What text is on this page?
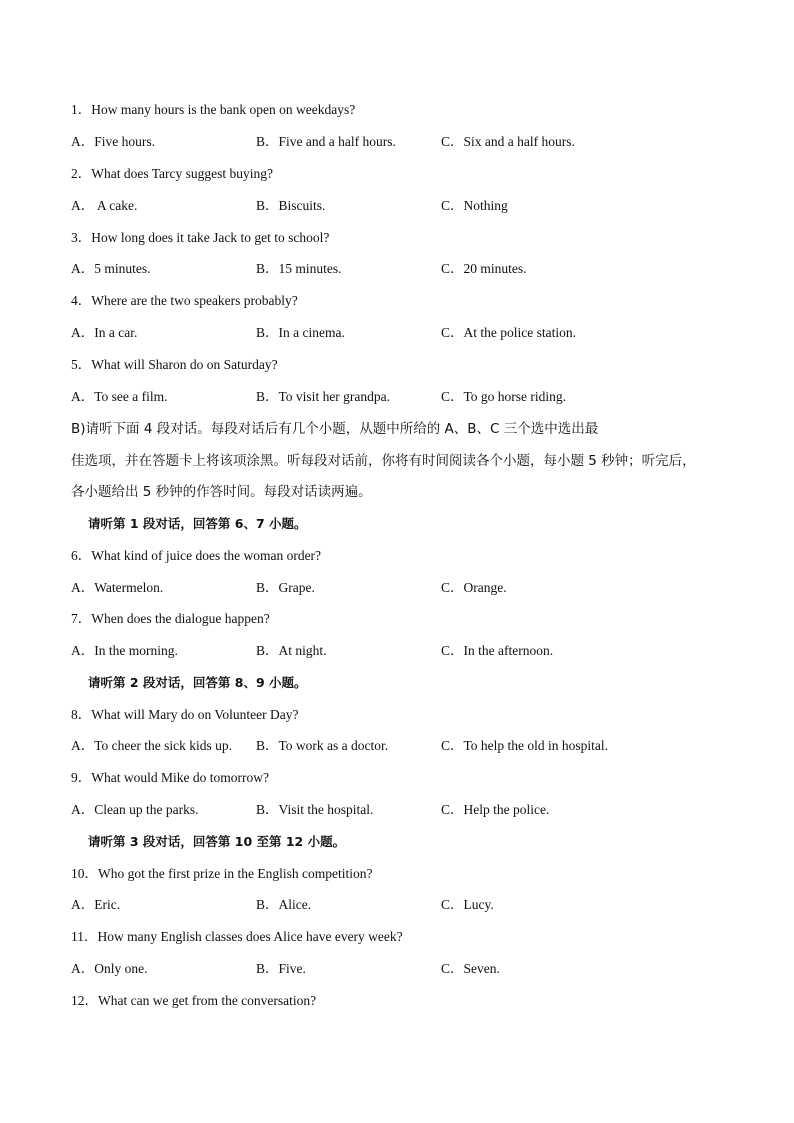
1．How many hours is the bank open on weekdays?
A．Five hours.	B．Five and a half hours.	C．Six and a half hours.
2．What does Tarcy suggest buying?
A． A cake.	B．Biscuits.	C．Nothing
3．How long does it take Jack to get to school?
A．5 minutes.	B．15 minutes.	C．20 minutes.
4．Where are the two speakers probably?
A．In a car.	B．In a cinema.	C．At the police station.
5．What will Sharon do on Saturday?
A．To see a film.	B．To visit her grandpa.	C．To go horse riding.
B)请听下面 4 段对话。每段对话后有几个小题，从题中所给的 A、B、C 三个选中选出最
佳选项，并在答题卡上将该项涂黑。听每段对话前，你将有时间阅读各个小题，每小题 5 秒钟；听完后，
各小题给出 5 秒钟的作答时间。每段对话读两遍。
请听第 1 段对话，回答第 6、7 小题。
6．What kind of juice does the woman order?
A．Watermelon.	B．Grape.	C．Orange.
7．When does the dialogue happen?
A．In the morning.	B．At night.	C．In the afternoon.
请听第 2 段对话，回答第 8、9 小题。
8．What will Mary do on Volunteer Day?
A．To cheer the sick kids up. B．To work as a doctor.	C．To help the old in hospital.
9．What would Mike do tomorrow?
A．Clean up the parks.	B．Visit the hospital.	C．Help the police.
请听第 3 段对话，回答第 10 至第 12 小题。
10．Who got the first prize in the English competition?
A．Eric.	B．Alice.	C．Lucy.
11．How many English classes does Alice have every week?
A．Only one.	B．Five.	C．Seven.
12．What can we get from the conversation?
